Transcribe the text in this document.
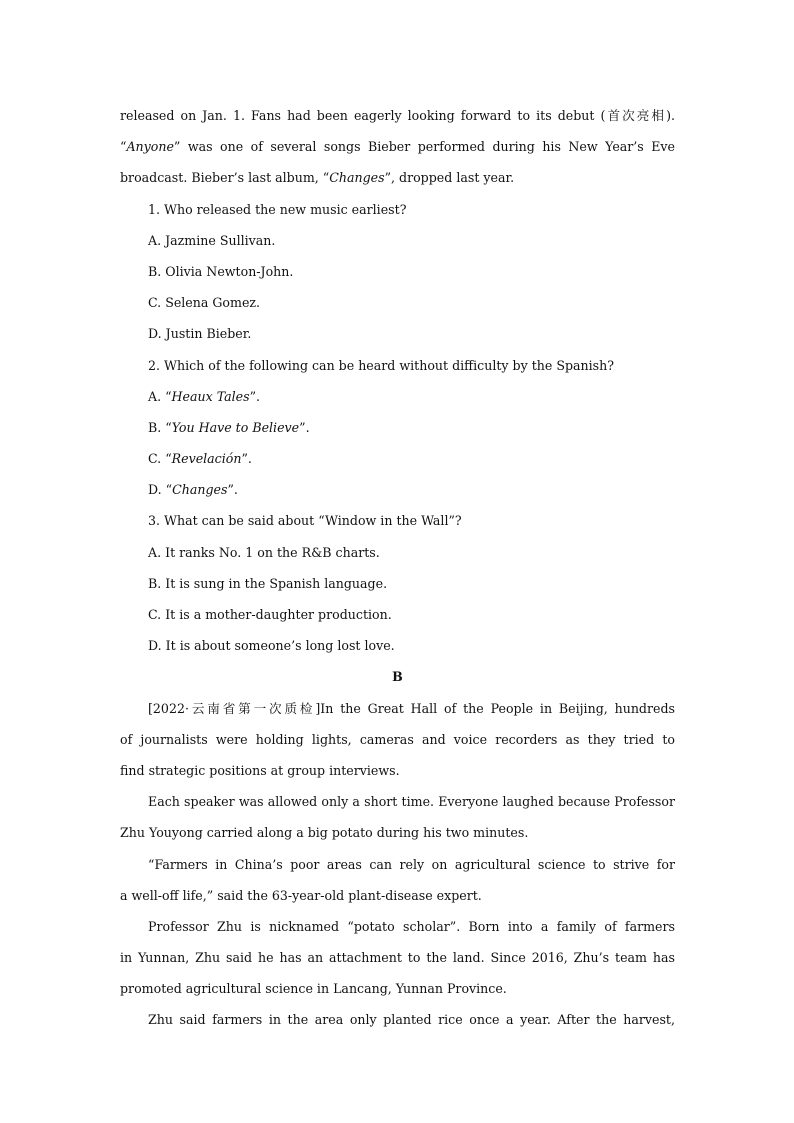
released on Jan. 1. Fans had been eagerly looking forward to its debut (首次亮相).
“Anyone” was one of several songs Bieber performed during his New Year’s Eve
broadcast. Bieber’s last album, “Changes”, dropped last year.
1. Who released the new music earliest?
A. Jazmine Sullivan.
B. Olivia Newton-John.
C. Selena Gomez.
D. Justin Bieber.
2. Which of the following can be heard without difficulty by the Spanish?
A. “Heaux Tales”.
B. “You Have to Believe”.
C. “Revelación”.
D. “Changes”.
3. What can be said about “Window in the Wall”?
A. It ranks No. 1 on the R&B charts.
B. It is sung in the Spanish language.
C. It is a mother-daughter production.
D. It is about someone’s long lost love.
B
[2022·云南省第一次质检]In the Great Hall of the People in Beijing, hundreds
of journalists were holding lights, cameras and voice recorders as they tried to
find strategic positions at group interviews.
Each speaker was allowed only a short time. Everyone laughed because Professor
Zhu Youyong carried along a big potato during his two minutes.
“Farmers in China’s poor areas can rely on agricultural science to strive for
a well-off life,” said the 63-year-old plant-disease expert.
Professor Zhu is nicknamed “potato scholar”. Born into a family of farmers
in Yunnan, Zhu said he has an attachment to the land. Since 2016, Zhu’s team has
promoted agricultural science in Lancang, Yunnan Province.
Zhu said farmers in the area only planted rice once a year. After the harvest,
